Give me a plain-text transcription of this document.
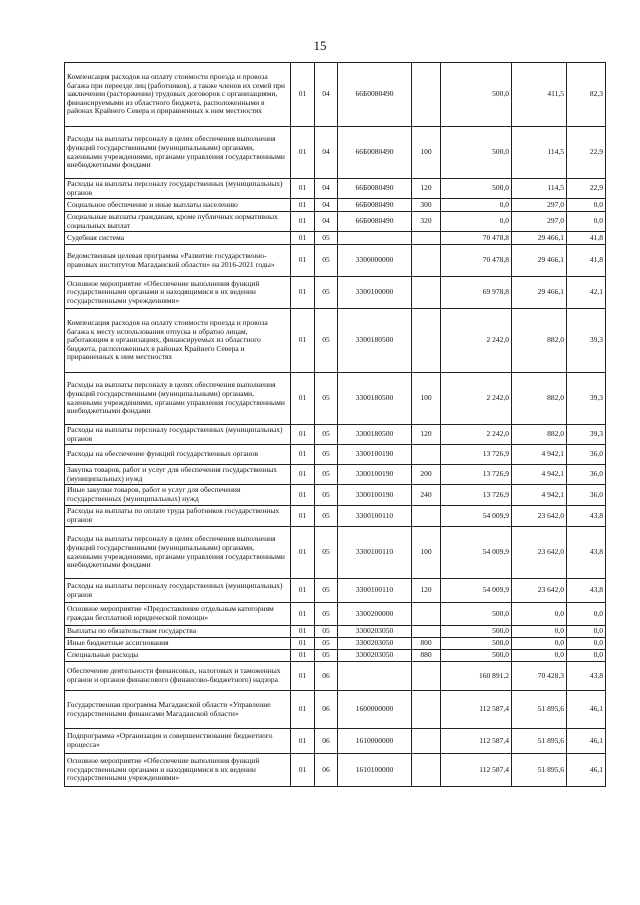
15
Компенсация расходов на оплату стоимости проезда и провоза багажа при переезде лиц (работников), а также членов их семей при заключении (расторжении) трудовых договоров с организациями, финансируемыми из областного бюджета, расположенными в районах Крайнего Севера и приравненных к ним местностях	01	04	66Б0080490		500,0	411,5	82,3
Расходы на выплаты персоналу в целях обеспечения выполнения функций государственными (муниципальными) органами, казенными учреждениями, органами управления государственными внебюджетными фондами	01	04	66Б0080490	100	500,0	114,5	22,9
Расходы на выплаты персоналу государственных (муниципальных) органов	01	04	66Б0080490	120	500,0	114,5	22,9
Социальное обеспечение и иные выплаты населению	01	04	66Б0080490	300	0,0	297,0	0,0
Социальные выплаты гражданам, кроме публичных нормативных социальных выплат	01	04	66Б0080490	320	0,0	297,0	0,0
Судебная система	01	05			70 478,8	29 466,1	41,8
Ведомственная целевая программа «Развитие государственно-правовых институтов Магаданской области» на 2016-2021 годы»	01	05	3300000000		70 478,8	29 466,1	41,8
Основное мероприятие «Обеспечение выполнения функций государственными органами и находящимися в их ведении государственными учреждениями»	01	05	3300100000		69 978,8	29 466,1	42,1
Компенсация расходов на оплату стоимости проезда и провоза багажа к месту использования отпуска и обратно лицам, работающим в организациях, финансируемых из областного бюджета, расположенных в районах Крайнего Севера и приравненных к ним местностях	01	05	3300180500		2 242,0	882,0	39,3
Расходы на выплаты персоналу в целях обеспечения выполнения функций государственными (муниципальными) органами, казенными учреждениями, органами управления государственными внебюджетными фондами	01	05	3300180500	100	2 242,0	882,0	39,3
Расходы на выплаты персоналу государственных (муниципальных) органов	01	05	3300180500	120	2 242,0	882,0	39,3
Расходы на обеспечение функций государственных органов	01	05	3300100190		13 726,9	4 942,1	36,0
Закупка товаров, работ и услуг для обеспечения государственных (муниципальных) нужд	01	05	3300100190	200	13 726,9	4 942,1	36,0
Иные закупки товаров, работ и услуг для обеспечения государственных (муниципальных) нужд	01	05	3300100190	240	13 726,9	4 942,1	36,0
Расходы на выплаты по оплате труда работников государственных органов	01	05	3300100110		54 009,9	23 642,0	43,8
Расходы на выплаты персоналу в целях обеспечения выполнения функций государственными (муниципальными) органами, казенными учреждениями, органами управления государственными внебюджетными фондами	01	05	3300100110	100	54 009,9	23 642,0	43,8
Расходы на выплаты персоналу государственных (муниципальных) органов	01	05	3300100110	120	54 009,9	23 642,0	43,8
Основное мероприятие «Предоставление отдельным категориям граждан бесплатной юридической помощи»	01	05	3300200000		500,0	0,0	0,0
Выплаты по обязательствам государства	01	05	3300203050		500,0	0,0	0,0
Иные бюджетные ассигнования	01	05	3300203050	800	500,0	0,0	0,0
Специальные расходы	01	05	3300203050	880	500,0	0,0	0,0
Обеспечение деятельности финансовых, налоговых и таможенных органов и органов финансового (финансово-бюджетного) надзора	01	06			160 891,2	70 428,3	43,8
Государственная программа Магаданской области «Управление государственными финансами Магаданской области»	01	06	1600000000		112 587,4	51 895,6	46,1
Подпрограмма «Организация и совершенствование бюджетного процесса»	01	06	1610000000		112 587,4	51 895,6	46,1
Основное мероприятие «Обеспечение выполнения функций государственными органами и находящимися в их ведении государственными учреждениями»	01	06	1610100000		112 587,4	51 895,6	46,1
